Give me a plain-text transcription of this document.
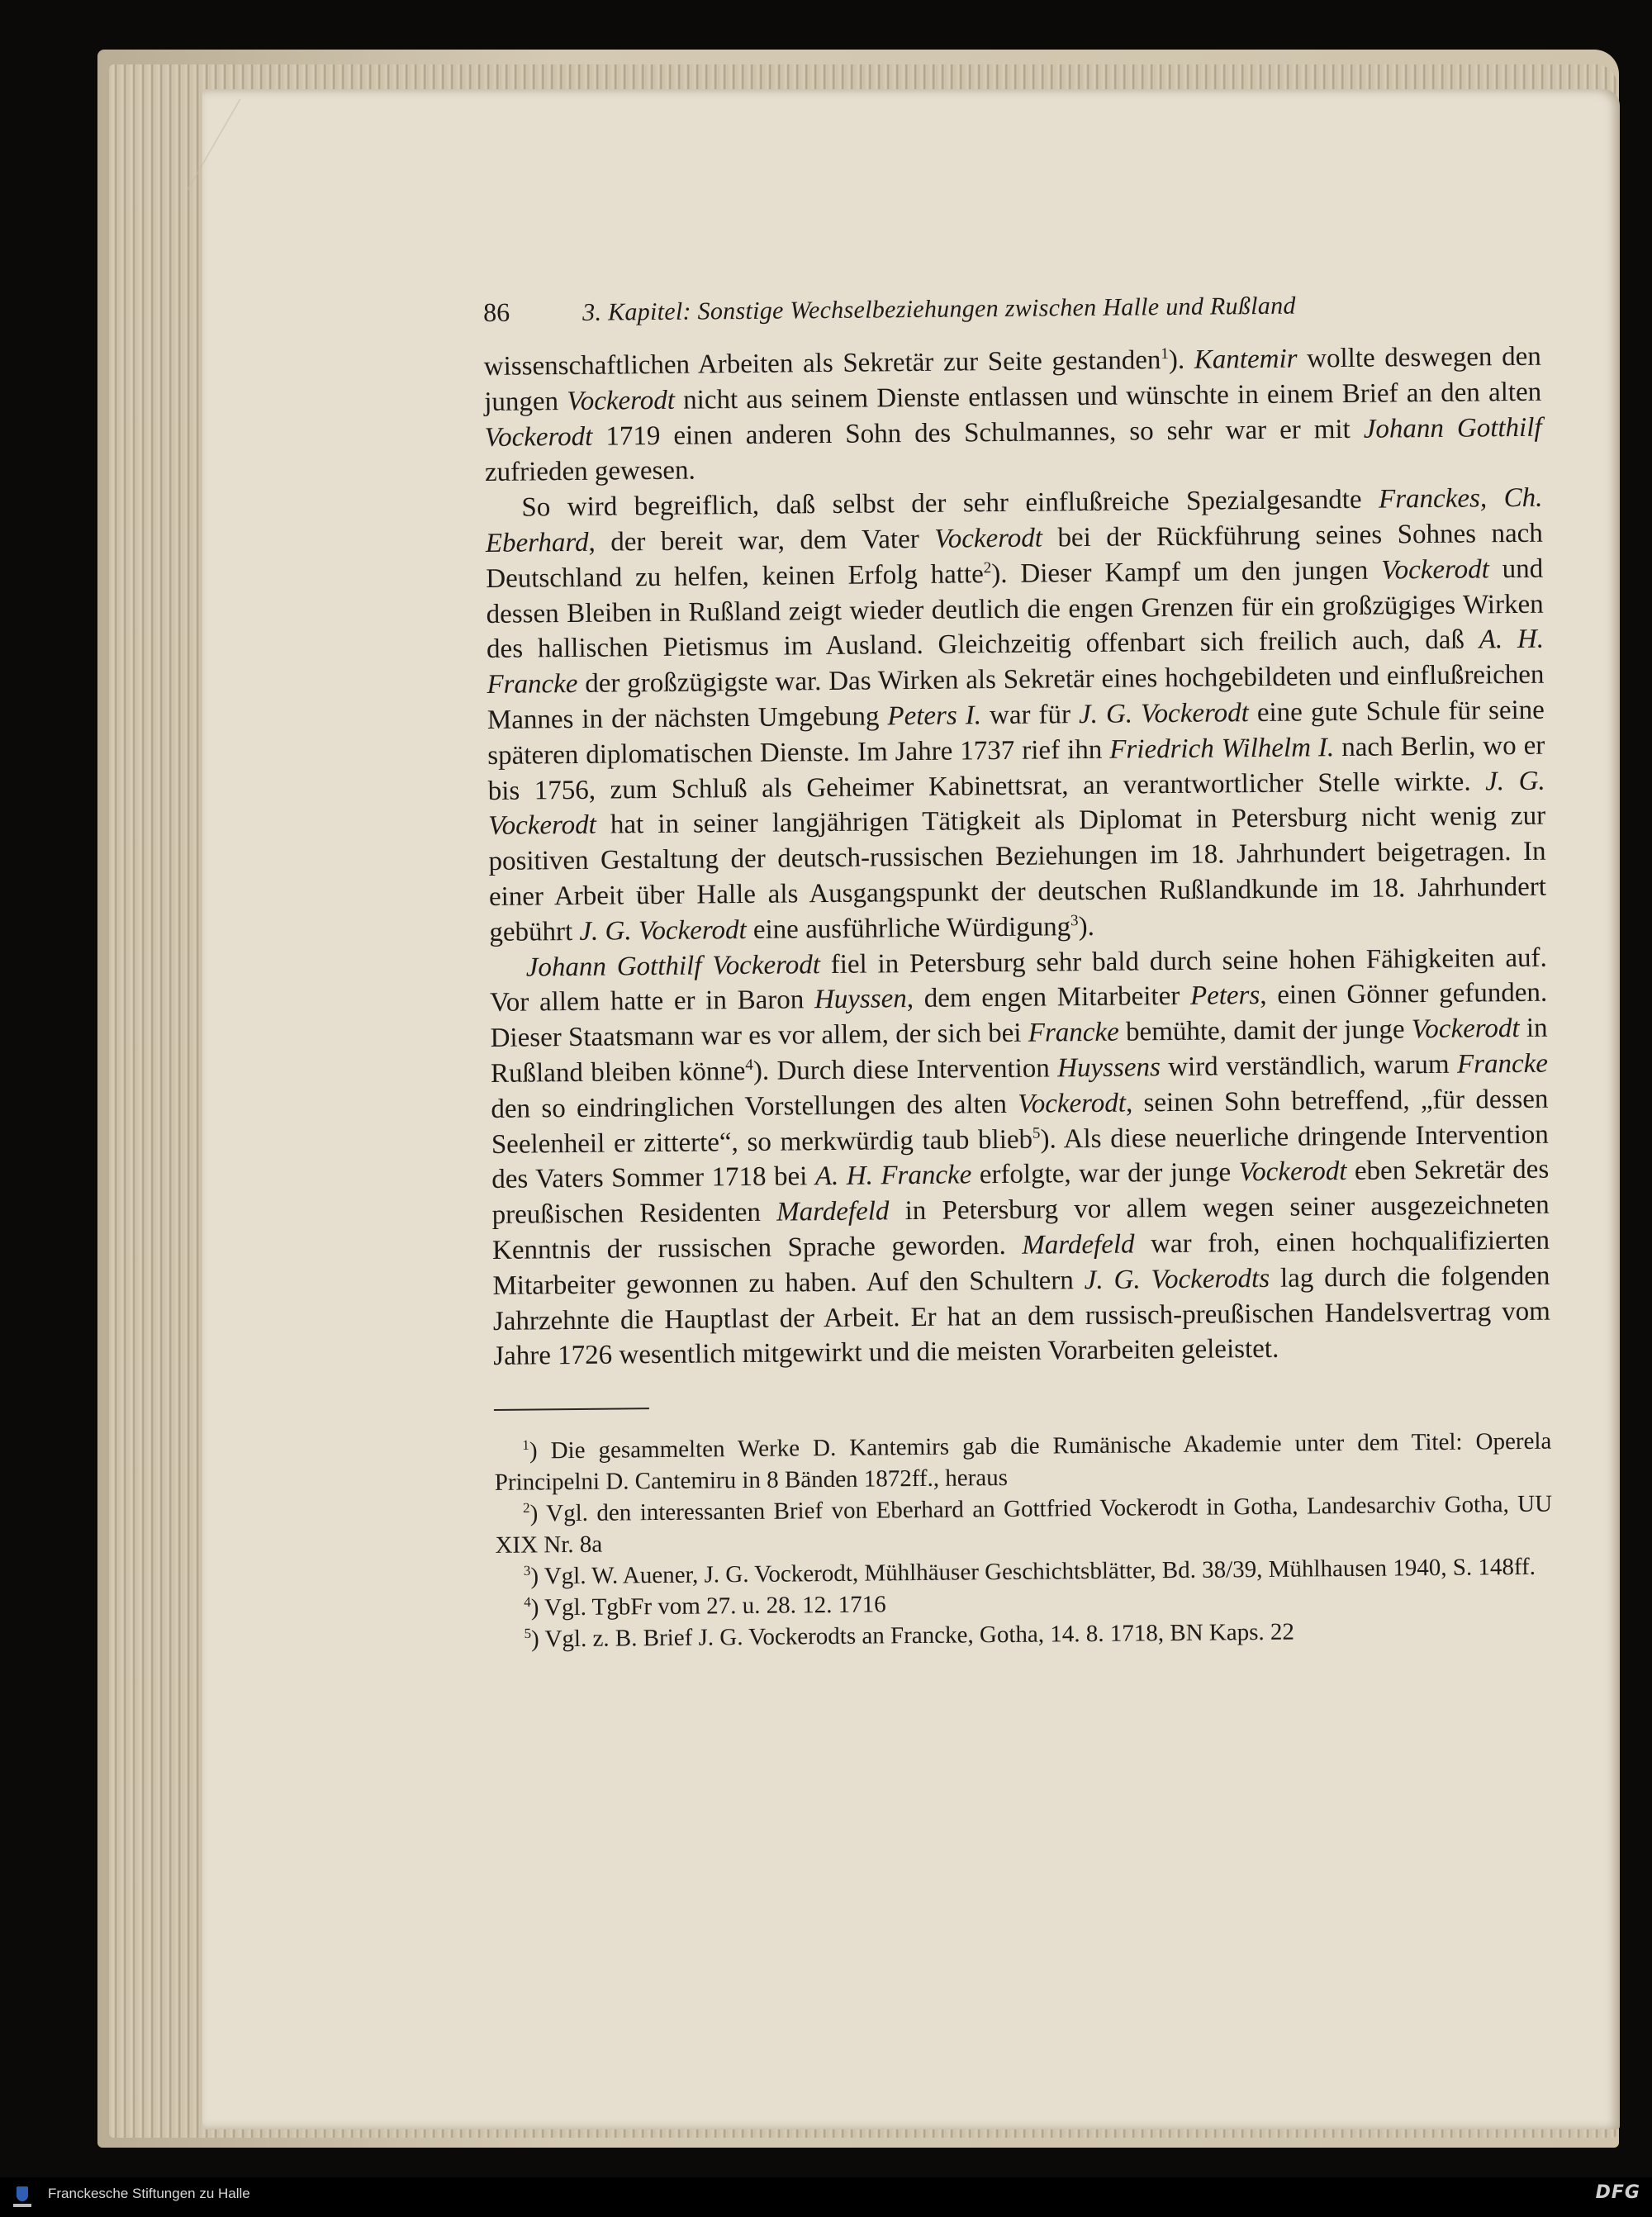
86	3. Kapitel: Sonstige Wechselbeziehungen zwischen Halle und Rußland

wissenschaftlichen Arbeiten als Sekretär zur Seite gestanden$^1$). Kantemir wollte deswegen den jungen Vockerodt nicht aus seinem Dienste entlassen und wünschte in einem Brief an den alten Vockerodt 1719 einen anderen Sohn des Schulmannes, so sehr war er mit Johann Gotthilf zufrieden gewesen.

So wird begreiflich, daß selbst der sehr einflußreiche Spezialgesandte Franckes, Ch. Eberhard, der bereit war, dem Vater Vockerodt bei der Rückführung seines Sohnes nach Deutschland zu helfen, keinen Erfolg hatte$^2$). Dieser Kampf um den jungen Vockerodt und dessen Bleiben in Rußland zeigt wieder deutlich die engen Grenzen für ein großzügiges Wirken des hallischen Pietismus im Ausland. Gleichzeitig offenbart sich freilich auch, daß A. H. Francke der großzügigste war. Das Wirken als Sekretär eines hochgebildeten und einflußreichen Mannes in der nächsten Umgebung Peters I. war für J. G. Vockerodt eine gute Schule für seine späteren diplomatischen Dienste. Im Jahre 1737 rief ihn Friedrich Wilhelm I. nach Berlin, wo er bis 1756, zum Schluß als Geheimer Kabinettsrat, an verantwortlicher Stelle wirkte. J. G. Vockerodt hat in seiner langjährigen Tätigkeit als Diplomat in Petersburg nicht wenig zur positiven Gestaltung der deutsch-russischen Beziehungen im 18. Jahrhundert beigetragen. In einer Arbeit über Halle als Ausgangspunkt der deutschen Rußlandkunde im 18. Jahrhundert gebührt J. G. Vockerodt eine ausführliche Würdigung$^3$).

Johann Gotthilf Vockerodt fiel in Petersburg sehr bald durch seine hohen Fähigkeiten auf. Vor allem hatte er in Baron Huyssen, dem engen Mitarbeiter Peters, einen Gönner gefunden. Dieser Staatsmann war es vor allem, der sich bei Francke bemühte, damit der junge Vockerodt in Rußland bleiben könne$^4$). Durch diese Intervention Huyssens wird verständlich, warum Francke den so eindringlichen Vorstellungen des alten Vockerodt, seinen Sohn betreffend, „für dessen Seelenheil er zitterte“, so merkwürdig taub blieb$^5$). Als diese neuerliche dringende Intervention des Vaters Sommer 1718 bei A. H. Francke erfolgte, war der junge Vockerodt eben Sekretär des preußischen Residenten Mardefeld in Petersburg vor allem wegen seiner ausgezeichneten Kenntnis der russischen Sprache geworden. Mardefeld war froh, einen hochqualifizierten Mitarbeiter gewonnen zu haben. Auf den Schultern J. G. Vockerodts lag durch die folgenden Jahrzehnte die Hauptlast der Arbeit. Er hat an dem russisch-preußischen Handelsvertrag vom Jahre 1726 wesentlich mitgewirkt und die meisten Vorarbeiten geleistet.

$^1$) Die gesammelten Werke D. Kantemirs gab die Rumänische Akademie unter dem Titel: Operela Principelni D. Cantemiru in 8 Bänden 1872ff., heraus

$^2$) Vgl. den interessanten Brief von Eberhard an Gottfried Vockerodt in Gotha, Landesarchiv Gotha, UU XIX Nr. 8a

$^3$) Vgl. W. Auener, J. G. Vockerodt, Mühlhäuser Geschichtsblätter, Bd. 38/39, Mühlhausen 1940, S. 148ff.

$^4$) Vgl. TgbFr vom 27. u. 28. 12. 1716

$^5$) Vgl. z. B. Brief J. G. Vockerodts an Francke, Gotha, 14. 8. 1718, BN Kaps. 22

Franckesche Stiftungen zu Halle	DFG
